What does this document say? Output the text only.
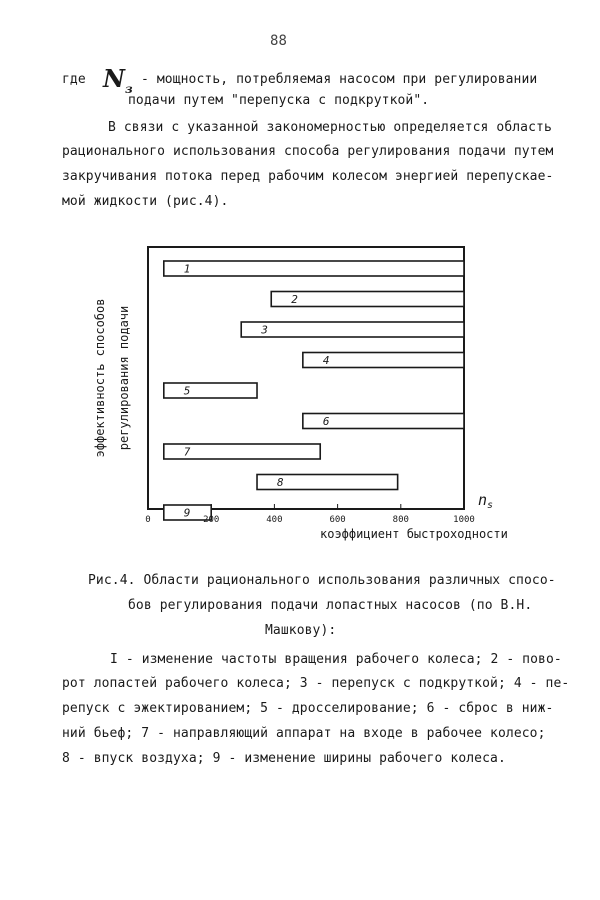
88
где $N_з$
- мощность, потребляемая насосом при регулировании
подачи путем "перепуска с подкруткой".
В связи с указанной закономерностью определяется область
рационального использования способа регулирования подачи путем
закручивания потока перед рабочим колесом энергией перепускае-
мой жидкости (рис.4).
1
2
3
4
5
6
7
8
9
0	200	400	600	800	1000
эффективность способов регулирования подачи
коэффициент быстроходности
$n_s$
Рис.4. Области рационального использования различных спосо-
бов регулирования подачи лопастных насосов (по В.Н.
Машкову):
I - изменение частоты вращения рабочего колеса; 2 - пово-
рот лопастей рабочего колеса; 3 - перепуск с подкруткой; 4 - пе-
репуск с эжектированием; 5 - дросселирование; 6 - сброс в ниж-
ний бьеф; 7 - направляющий аппарат на входе в рабочее колесо;
8 - впуск воздуха; 9 - изменение ширины рабочего колеса.
